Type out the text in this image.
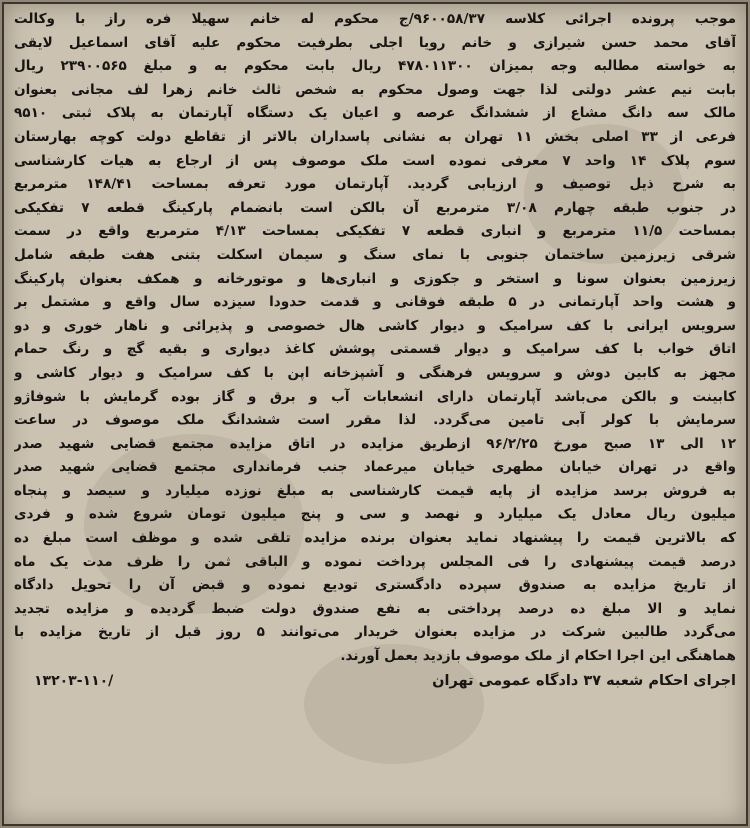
موجب پرونده اجرائی کلاسه ۹۶۰۰۵۸/۳۷/ج محکوم له خانم سهیلا فره راز با وکالت
آقای محمد حسن شیرازی و خانم رویا اجلی بطرفیت محکوم علیه آقای اسماعیل لایقی
به خواسته مطالبه وجه بمیزان ۴۷۸۰۱۱۳۰۰ ریال بابت محکوم به و مبلغ ۲۳۹۰۰۵۶۵ ریال
بابت نیم عشر دولتی لذا جهت وصول محکوم به شخص ثالث خانم زهرا لف مجانی بعنوان
مالک سه دانگ مشاع از ششدانگ عرصه و اعیان یک دستگاه آپارتمان به پلاک ثبتی ۹۵۱۰
فرعی از ۳۳ اصلی بخش ۱۱ تهران به نشانی پاسداران بالاتر از تقاطع دولت کوچه بهارستان
سوم پلاک ۱۴ واحد ۷ معرفی نموده است ملک موصوف پس از ارجاع به هیات کارشناسی
به شرح ذیل توصیف و ارزیابی گردید. آپارتمان مورد تعرفه بمساحت ۱۴۸/۴۱ مترمربع
در جنوب طبقه چهارم ۳/۰۸ مترمربع آن بالکن است بانضمام پارکینگ قطعه ۷ تفکیکی
بمساحت ۱۱/۵ مترمربع و انباری قطعه ۷ تفکیکی بمساحت ۴/۱۳ مترمربع واقع در سمت
شرقی زیرزمین ساختمان جنوبی با نمای سنگ و سیمان اسکلت بتنی هفت طبقه شامل
زیرزمین بعنوان سونا و استخر و جکوزی و انباری‌ها و موتورخانه و همکف بعنوان پارکینگ
و هشت واحد آپارتمانی در ۵ طبقه فوقانی و قدمت حدودا سیزده سال واقع و مشتمل بر
سرویس ایرانی با کف سرامیک و دیوار کاشی هال خصوصی و پذیرائی و ناهار خوری و دو
اتاق خواب با کف سرامیک و دیوار قسمتی پوشش کاغذ دیواری و بقیه گچ و رنگ حمام
مجهز به کابین دوش و سرویس فرهنگی و آشپزخانه اپن با کف سرامیک و دیوار کاشی و
کابینت و بالکن می‌باشد آپارتمان دارای انشعابات آب و برق و گاز بوده گرمایش با شوفاژو
سرمایش با کولر آبی تامین می‌گردد. لذا مقرر است ششدانگ ملک موصوف در ساعت
۱۲ الی ۱۳ صبح مورخ ۹۶/۲/۲۵ ازطریق مزایده در اتاق مزایده مجتمع قضایی شهید صدر
واقع در تهران خیابان مطهری خیابان میرعماد جنب فرمانداری مجتمع قضایی شهید صدر
به فروش برسد مزایده از پایه قیمت کارشناسی به مبلغ نوزده میلیارد و سیصد و پنجاه
میلیون ریال معادل یک میلیارد و نهصد و سی و پنج میلیون تومان شروع شده و فردی
که بالاترین قیمت را پیشنهاد نماید بعنوان برنده مزایده تلقی شده و موظف است مبلغ ده
درصد قیمت پیشنهادی را فی المجلس پرداخت نموده و الباقی ثمن را ظرف مدت یک ماه
از تاریخ مزایده به صندوق سپرده دادگستری تودیع نموده و قبض آن را تحویل دادگاه
نماید و الا مبلغ ده درصد پرداختی به نفع صندوق دولت ضبط گردیده و مزایده تجدید
می‌گردد طالبین شرکت در مزایده بعنوان خریدار می‌توانند ۵ روز قبل از تاریخ مزایده با
هماهنگی این اجرا احکام از ملک موصوف بازدید بعمل آورند.
اجرای احکام شعبه ۳۷ دادگاه عمومی تهران
۱۳۲۰۳-۱۱۰/
